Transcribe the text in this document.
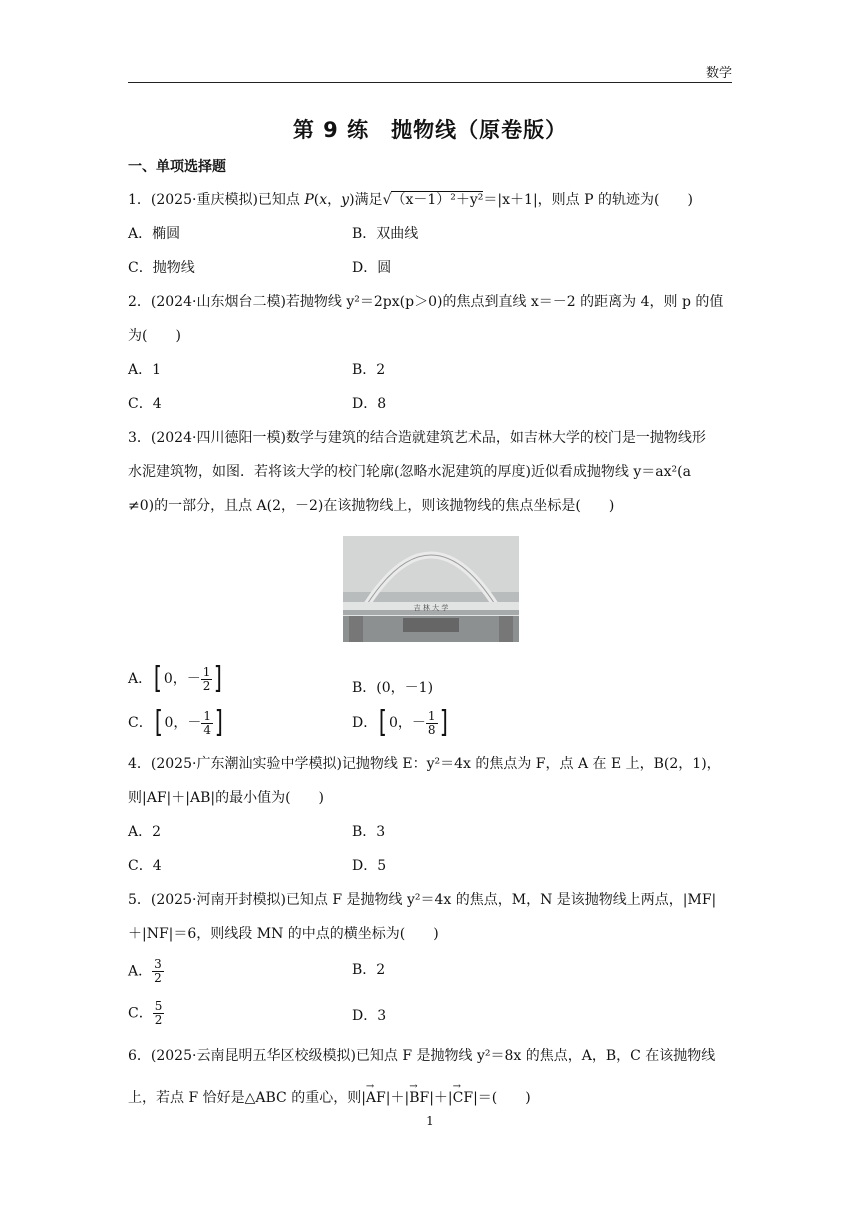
数学
第 9 练　抛物线（原卷版）
一、单项选择题
1．(2025·重庆模拟)已知点 P(x，y)满足√（x－1）²＋y²＝|x＋1|，则点 P 的轨迹为(　　)
A．椭圆	B．双曲线
C．抛物线	D．圆
2．(2024·山东烟台二模)若抛物线 y²＝2px(p＞0)的焦点到直线 x＝－2 的距离为 4，则 p 的值
为(　　)
A．1	B．2
C．4	D．8
3．(2024·四川德阳一模)数学与建筑的结合造就建筑艺术品，如吉林大学的校门是一抛物线形
水泥建筑物，如图．若将该大学的校门轮廓(忽略水泥建筑的厚度)近似看成抛物线 y＝ax²(a
≠0)的一部分，且点 A(2，－2)在该抛物线上，则该抛物线的焦点坐标是(　　)
吉 林 大 学
A．[ 0，－ $\frac{1}{2}$ ]	B．(0，－1)
C．[ 0，－ $\frac{1}{4}$ ]	D．[ 0，－ $\frac{1}{8}$ ]
4．(2025·广东潮汕实验中学模拟)记抛物线 E：y²＝4x 的焦点为 F，点 A 在 E 上，B(2，1)，
则|AF|＋|AB|的最小值为(　　)
A．2	B．3
C．4	D．5
5．(2025·河南开封模拟)已知点 F 是抛物线 y²＝4x 的焦点，M，N 是该抛物线上两点，|MF|
＋|NF|＝6，则线段 MN 的中点的横坐标为(　　)
A． $\frac{3}{2}$	B．2
C． $\frac{5}{2}$	D．3
6．(2025·云南昆明五华区校级模拟)已知点 F 是抛物线 y²＝8x 的焦点，A，B，C 在该抛物线
上，若点 F 恰好是△ABC 的重心，则|→ AF|＋|→ BF|＋|→ CF|＝(　　)
1
